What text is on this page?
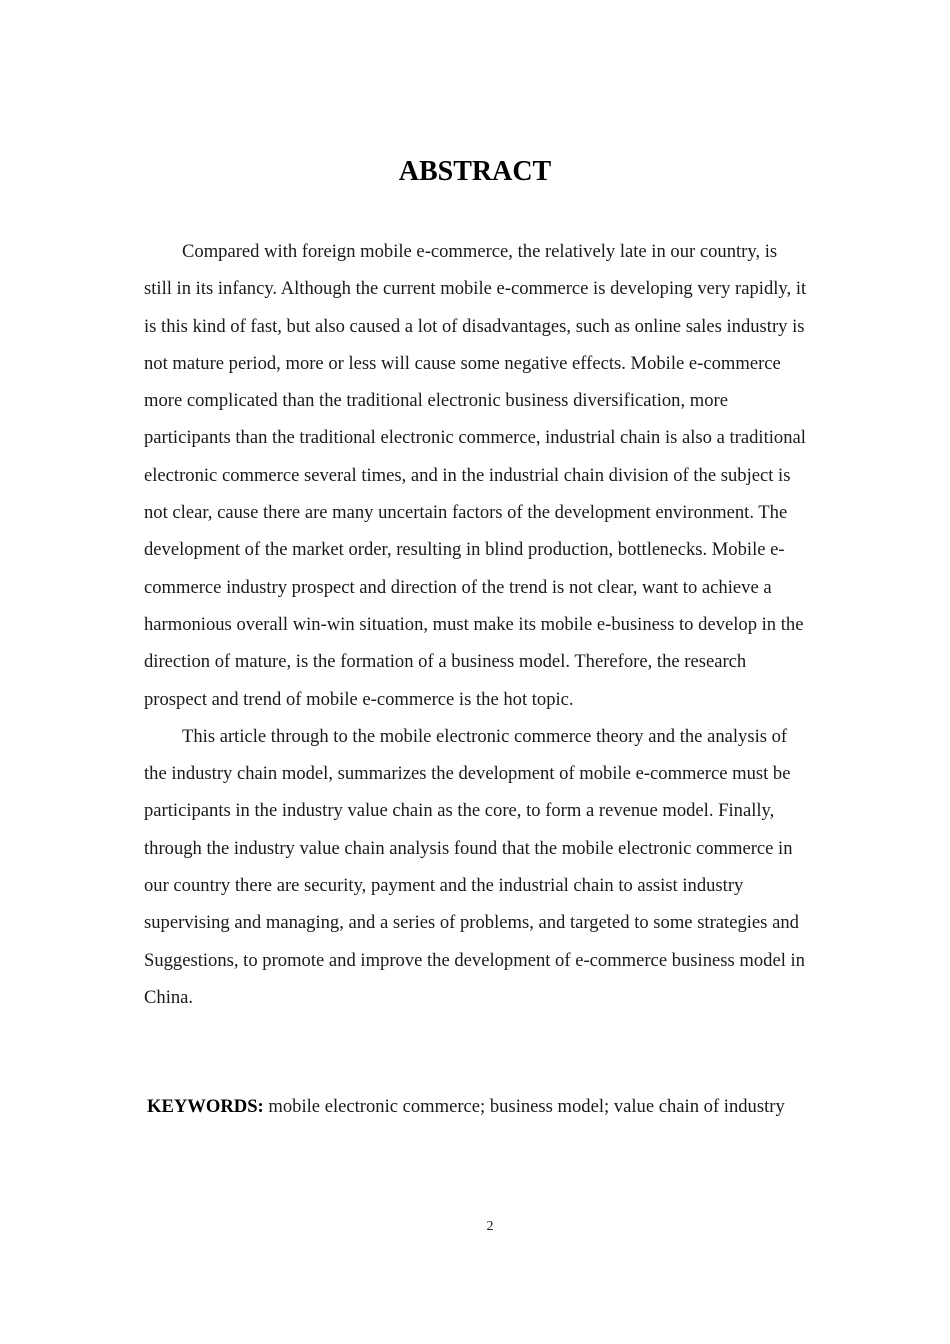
ABSTRACT

Compared with foreign mobile e-commerce, the relatively late in our country, is still in its infancy. Although the current mobile e-commerce is developing very rapidly, it is this kind of fast, but also caused a lot of disadvantages, such as online sales industry is not mature period, more or less will cause some negative effects. Mobile e-commerce more complicated than the traditional electronic business diversification, more participants than the traditional electronic commerce, industrial chain is also a traditional electronic commerce several times, and in the industrial chain division of the subject is not clear, cause there are many uncertain factors of the development environment. The development of the market order, resulting in blind production, bottlenecks. Mobile e-commerce industry prospect and direction of the trend is not clear, want to achieve a harmonious overall win-win situation, must make its mobile e-business to develop in the direction of mature, is the formation of a business model. Therefore, the research prospect and trend of mobile e-commerce is the hot topic.

This article through to the mobile electronic commerce theory and the analysis of the industry chain model, summarizes the development of mobile e-commerce must be participants in the industry value chain as the core, to form a revenue model. Finally, through the industry value chain analysis found that the mobile electronic commerce in our country there are security, payment and the industrial chain to assist industry supervising and managing, and a series of problems, and targeted to some strategies and Suggestions, to promote and improve the development of e-commerce business model in China.

KEYWORDS: mobile electronic commerce; business model; value chain of industry

2
